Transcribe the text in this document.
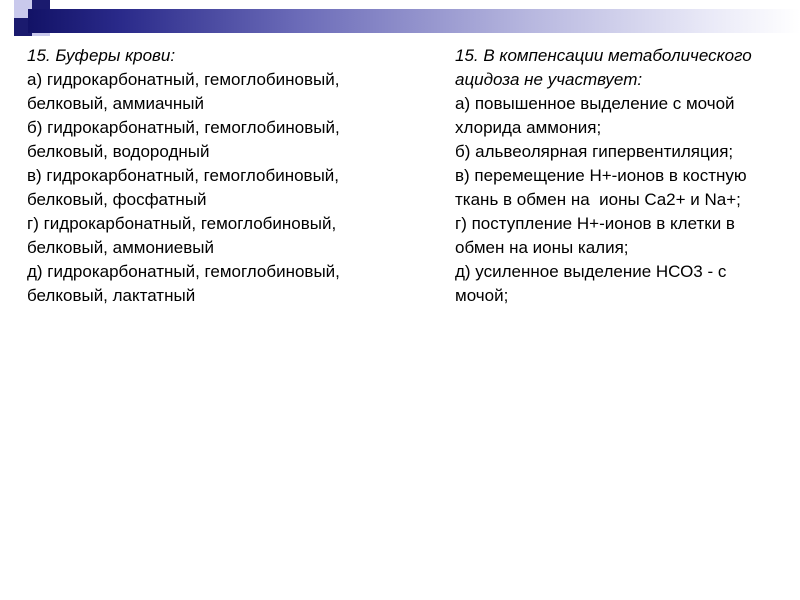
15. Буферы крови:
а) гидрокарбонатный, гемоглобиновый, белковый, аммиачный
б) гидрокарбонатный, гемоглобиновый, белковый, водородный
в) гидрокарбонатный, гемоглобиновый, белковый, фосфатный
г) гидрокарбонатный, гемоглобиновый, белковый, аммониевый
д) гидрокарбонатный, гемоглобиновый, белковый, лактатный
15. В компенсации метаболического ацидоза не участвует:
а) повышенное выделение с мочой хлорида аммония;
б) альвеолярная гипервентиляция;
в) перемещение Н+-ионов в костную ткань в обмен на  ионы Ca2+ и Na+;
г) поступление Н+-ионов в клетки в обмен на ионы калия;
д) усиленное выделение НСО3 - с мочой;
